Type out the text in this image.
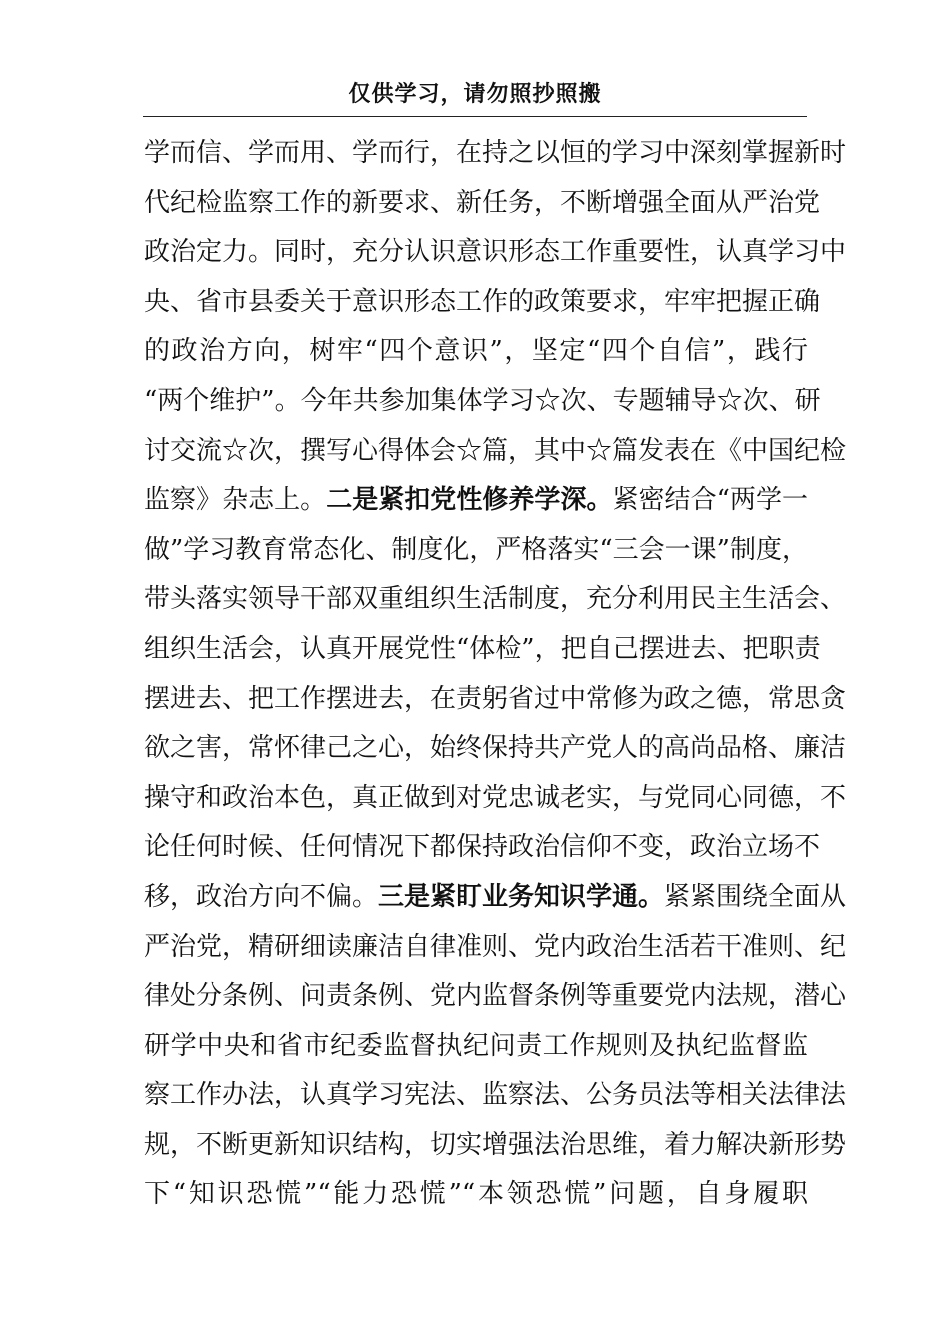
仅供学习，请勿照抄照搬
学而信、学而用、学而行，在持之以恒的学习中深刻掌握新时
代纪检监察工作的新要求、新任务，不断增强全面从严治党
政治定力。同时，充分认识意识形态工作重要性，认真学习中
央、省市县委关于意识形态工作的政策要求，牢牢把握正确
的政治方向，树牢“四个意识”，坚定“四个自信”，践行
“两个维护”。今年共参加集体学习☆次、专题辅导☆次、研
讨交流☆次，撰写心得体会☆篇，其中☆篇发表在《中国纪检
监察》杂志上。二是紧扣党性修养学深。紧密结合“两学一
做”学习教育常态化、制度化，严格落实“三会一课”制度，
带头落实领导干部双重组织生活制度，充分利用民主生活会、
组织生活会，认真开展党性“体检”，把自己摆进去、把职责
摆进去、把工作摆进去，在责躬省过中常修为政之德，常思贪
欲之害，常怀律己之心，始终保持共产党人的高尚品格、廉洁
操守和政治本色，真正做到对党忠诚老实，与党同心同德，不
论任何时候、任何情况下都保持政治信仰不变，政治立场不
移，政治方向不偏。三是紧盯业务知识学通。紧紧围绕全面从
严治党，精研细读廉洁自律准则、党内政治生活若干准则、纪
律处分条例、问责条例、党内监督条例等重要党内法规，潜心
研学中央和省市纪委监督执纪问责工作规则及执纪监督监
察工作办法，认真学习宪法、监察法、公务员法等相关法律法
规，不断更新知识结构，切实增强法治思维，着力解决新形势
下“知识恐慌”“能力恐慌”“本领恐慌”问题，自身履职
